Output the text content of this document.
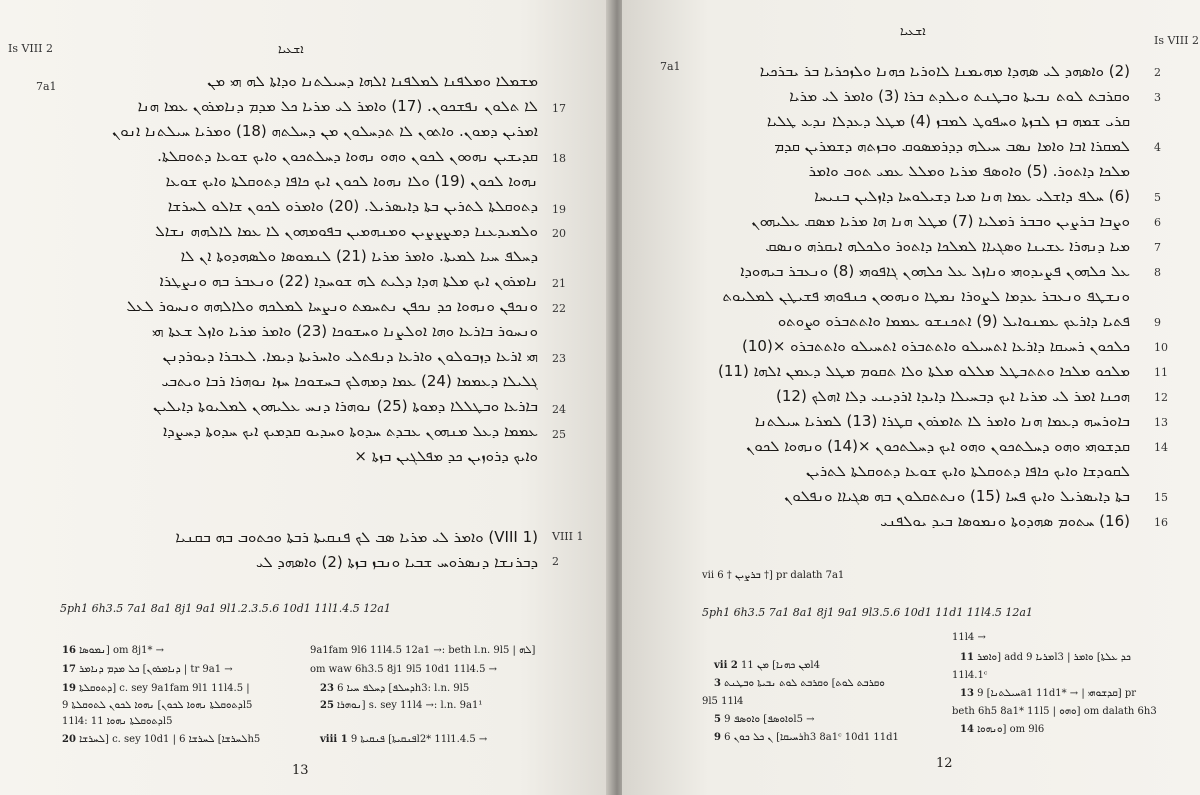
ܐܫܥܝܐ
Is VIII 2
7a1
17
18
19
20
21
22
23
24
25
ܡܫܡܠܐ ܘܡܠܦܢܐ ܠܡܠܦܢܐ ܐܠܗܐ ܕܚܝܠܬܢܐ ܘܕܐܬܐ ܠܗ ܗܝ ܡܢ
ܠܐ ܬܠܘܢ ܢܦܫܟܘܢ. (17) ܘܐܡܪ ܠܝ ܡܪܝܐ ܟܠ ܡܕܡ ܕܢܐܡܪܘܢ ܥܡܐ ܗܢܐ
ܐܡܪܝܢ ܕܡܘܢ. ܘܐܬܘܢ ܠܐ ܬܕܚܠܘܢ ܡܢ ܕܚܠܬܗ (18) ܘܡܪܝܐ ܚܝܠܬܢܐ ܐܢܘܢ
ܩܕܝܫܝܢ ܢܗܘܘܢ ܠܟܘܢ ܘܗܘ ܢܗܘܐ ܕܚܠܬܟܘܢ ܘܐܝܟ ܫܘܥܐ ܕܬܘܩܠܬܐ.
ܢܗܘܐ ܠܟܘܢ (19) ܘܠܐ ܢܗܘܐ ܠܟܘܢ ܐܝܟ ܟܐܦܐ ܕܬܘܩܠܬܐ ܘܐܝܟ ܫܘܥܐ
ܕܬܘܩܠܬܐ ܠܬܪܝܢ ܒܬܐ ܕܐܝܣܪܝܠ. (20) ܘܐܡܪܘ ܠܟܘܢ ܫܐܠܘ ܠܚܪܫܐ
ܘܠܡܝܕܥܢܐ ܕܡܨܨܨܝܢ ܘܡܢܗܡܝܢ ܒܦܘܡܗܘܢ ܠܐ ܥܡܐ ܠܐܠܗܗ ܢܫܐܠ
ܕܚܠܦ ܚܝܐ ܠܡܝܬܐ. ܘܐܡܪ ܡܪܝܐ (21) ܠܢܡܘܣܐ ܘܠܣܗܕܘܬܐ ܐܢ ܠܐ
ܢܐܡܪܘܢ ܐܝܟ ܡܠܬܐ ܗܕܐ ܕܠܝܬ ܠܗ ܫܘܚܕܐ (22) ܘܢܥܒܪ ܒܗ ܘܢܨܛܪܐ
ܘܢܟܦܢ ܘܢܗܘܐ ܟܕ ܢܟܦܢ ܢܬܚܡܬ ܘܢܨܚܐ ܠܡܠܟܗ ܘܠܐܠܗܗ ܘܢܚܘܪ ܠܥܠ
ܘܢܚܘܪ ܒܐܪܥܐ ܘܗܐ ܐܘܠܨܢܐ ܘܚܫܘܟܐ (23) ܘܐܡܪ ܡܪܝܐ ܘܐܙܠ ܫܥܬܐ ܗܝ
ܗܝ ܐܪܥܐ ܕܙܒܘܠܘܢ ܘܐܪܥܐ ܕܢܦܬܠܝ ܘܐܚܪܝܬܐ ܕܝܡܐ. ܠܥܒܪܐ ܕܝܘܪܕܢܢ
ܓܠܝܠܐ ܕܥܡܡܐ (24) ܥܡܐ ܕܡܗܠܟ ܒܚܫܘܟܐ ܚܙܐ ܢܘܗܪܐ ܪܒܐ ܘܝܬܒܝ
ܒܐܪܥܐ ܘܒܛܠܠܐ ܕܡܘܬܐ (25) ܢܘܗܪܐ ܕܢܚ ܥܠܝܗܘܢ ܠܡܠܝܘܬܐ ܕܐܝܠܝܢ
ܥܡܡܐ ܕܥܠ ܡܢܗܘܢ ܥܒܕܬ ܚܕܘܬܐ ܘܚܕܝܘ ܩܕܡܝܟ ܐܝܟ ܚܕܘܬܐ ܕܚܨܕܐ
ܘܐܝܟ ܕܪܘܙܝܢ ܟܕ ܡܦܠܓܝܢ ܒܙܬܐ ×
(1 VIII) ܘܐܡܪ ܠܝ ܡܪܝܐ ܣܒ ܠܟ ܦܢܩܝܬܐ ܪܒܬܐ ܘܟܬܘܒ ܒܗ ܒܩܢܝܐ VIII 1
ܕܒܪܢܫܐ ܕܢܣܪܘܚ ܫܒܝܐ ܘܢܒܙ ܒܙܬܐ (2) ܘܐܣܗܕ ܠܝ 2
5ph1 6h3.5 7a1 8a1 8j1 9a1 9l1.2.3.5.6 10d1 11l1.4.5 12a1
16 ܢܡܘܣܐ] om 8j1* →
17 ܕܢܐܡܪܘܢ] ܟܠ ܡܕܡ ܕܢܐܡܪ | tr 9a1 →
19 ܕܬܘܩܠܬܐ] c. sey 9a1fam 9l1 11l4.5 |
ܕܬܘܩܠܬܐ ܢܗܘܐ ܠܟܘܢ] ܢܗܘܐ ܠܟܘܢ ܠܬܘܩܠܬܐ 9l5
11l4: ܕܬܘܩܠܬܐ ܢܗܘܐ 11l5
20 ܠܚܪܫܐ] c. sey 10d1 | ܠܚܪܫܐ] ܠܚܪܫܐ 6h5
9a1fam 9l6 11l4.5 12a1 →: beth l.n. 9l5 | ܠܗ]
om waw 6h3.5 8j1 9l5 10d1 11l4.5 →
23 ܕܚܠܦ] ܕܚܠܦ ܚܝܐ 6h3: l.n. 9l5
25 ܢܘܗܪܐ] s. sey 11l4 →: l.n. 9a1¹
viii 1 ܦܢܩܝܬܐ] ܦܢܩܝܬܐ 9l2* 11l1.4.5 →
13
ܐܫܥܝܐ
Is VIII 2
7a1	(2) ܘܐܣܗܕ ܠܝ ܣܗܕܐ ܡܗܝܡܢܐ ܠܐܘܪܝܐ ܟܗܢܐ ܘܠܙܟܪܝܐ ܒܪ ܝܒܪܟܝܐ
ܘܩܪܒܬ ܠܘܬ ܢܒܝܬܐ ܘܒܛܢܬ ܘܝܠܕܬ ܒܪܐ (3) ܘܐܡܪ ܠܝ ܡܪܝܐ
ܩܪܝ ܫܡܗ ܒܙ ܠܒܙܬܐ ܘܚܦܘܛ ܠܡܒܙ (4) ܡܛܠ ܕܥܕܠܐ ܢܕܥ ܛܠܝܐ
ܠܡܩܪܐ ܐܒܐ ܘܐܡܐ ܢܣܒ ܚܝܠܗ ܕܕܪܡܣܘܩ ܘܒܙܬܗ ܕܫܡܪܝܢ ܩܕܡ
ܡܠܟܐ ܕܐܬܘܪ. (5) ܘܐܘܣܦ ܡܪܝܐ ܘܡܠܠ ܥܡܝ ܬܘܒ ܘܐܡܪ
(6) ܚܠܦ ܕܐܫܠܝ ܥܡܐ ܗܢܐ ܡܝܐ ܕܫܝܠܘܚܐ ܕܐܙܠܝܢ ܒܢܝܚܐ
ܘܨܒܐ ܒܪܨܝܢ ܘܒܒܪ ܪܡܠܝܐ (7) ܡܛܠ ܗܢܐ ܗܐ ܡܪܝܐ ܡܣܩ ܥܠܝܗܘܢ
ܡܝܐ ܕܢܗܪܐ ܥܫܝܢܐ ܘܣܓܝܐܐ ܠܡܠܟܐ ܕܐܬܘܪ ܘܠܟܠܗ ܐܝܩܪܗ ܘܢܣܩ
ܥܠ ܟܠܗܘܢ ܦܨܝܕܘܗܝ ܘܢܐܙܠ ܥܠ ܟܠܗܘܢ ܓܐܦܘܗܝ (8) ܘܢܥܒܪ ܒܝܗܘܕܐ
ܘܢܫܛܦ ܘܢܥܒܪ ܥܕܡܐ ܠܨܘܪܐ ܢܡܛܐ ܘܢܗܘܘܢ ܟܢܦܘܗܝ ܦܫܝܛܢ ܠܡܠܝܘܬ
ܦܬܝܐ ܕܐܪܥܟ ܥܡܢܘܐܝܠ (9) ܐܬܟܢܫܘ ܥܡܡܐ ܘܐܬܬܒܪܘ ܘܨܘܬܘ
ܟܠܟܘܢ ܪܚܝܩܐ ܕܐܪܥܐ ܐܬܚܝܠܘ ܘܐܬܬܒܪܘ ܐܬܚܝܠܘ ܘܐܬܬܒܪܘ ×(10)
ܡܠܟܘ ܡܠܟܐ ܘܬܬܒܛܠ ܡܠܠܘ ܡܠܬܐ ܘܠܐ ܬܩܘܡ ܡܛܠ ܕܥܡܢ ܐܠܗܐ (11)
ܗܟܢܐ ܐܡܪ ܠܝ ܡܪܝܐ ܐܝܟ ܕܒܚܝܠܐ ܕܐܝܕܐ ܐܪܕܝܢܝ ܕܠܐ ܐܗܠܟ (12)
ܒܐܘܪܚܗ ܕܥܡܐ ܗܢܐ ܘܐܡܪ ܠܐ ܬܐܡܪܘܢ ܩܛܪܐ (13) ܠܡܪܝܐ ܚܝܠܬܢܐ
ܩܕܫܘܗܝ ܘܗܘ ܕܚܠܬܟܘܢ ܘܗܘ ܐܝܟ ܕܚܠܬܟܘܢ ×(14) ܘܢܗܘܐ ܠܟܘܢ
ܠܩܘܕܫܐ ܘܐܝܟ ܟܐܦܐ ܕܬܘܩܠܬܐ ܘܐܝܟ ܫܘܥܐ ܕܬܘܩܠܬܐ ܠܬܪܝܢ
ܒܬܐ ܕܐܝܣܪܝܠ ܘܐܝܟ ܦܚܐ (15) ܘܢܬܬܩܠܘܢ ܒܗ ܣܓܝܐܐ ܘܢܦܠܘܢ
(16) ܚܬܘܡ ܣܗܕܘܬܐ ܘܢܡܘܣܐ ܒܝܕ ܝܘܠܦܢܝ
2
3
4
5
6
7
8
9
10
11
12
13
14
15
16
vii 6 † ܒܪܨܝܢ †] pr dalath 7a1
5ph1 6h3.5 7a1 8a1 8j1 9a1 9l3.5.6 10d1 11d1 11l4.5 12a1
vii 2 ܡܢ ܟܗܢܐ] ܡܢ 11l4
3 ܘܩܪܒܬ ܠܘܬ] ܘܩܪܒܬ ܠܘܬ ܢܒܝܬܐ ܘܒܛܢܬ
9l5 11l4
5 ܘܐܘܣܦ] ܘܐܘܣܦ 9l5 →
9 ܪܚܝܩܐ] ܢ ܟܠ ܟܘܢ 6h3 8a1ᶜ 10d1 11d1
11l4 →
11 ܘܐܡܪ] add ܡܪܝܐ 9l3 | ܟܕ ܥܠܬܐ] ܘܐܡܪ
11l4.1ᶜ
13 ܚܝܠܬܢܐ] 9a1 11d1* → | ܩܕܫܘܗܝ] pr
beth 6h5 8a1* 11l5 | ܘܗܘ] om dalath 6h3
14 ܘܢܗܘܐ] om 9l6
12
